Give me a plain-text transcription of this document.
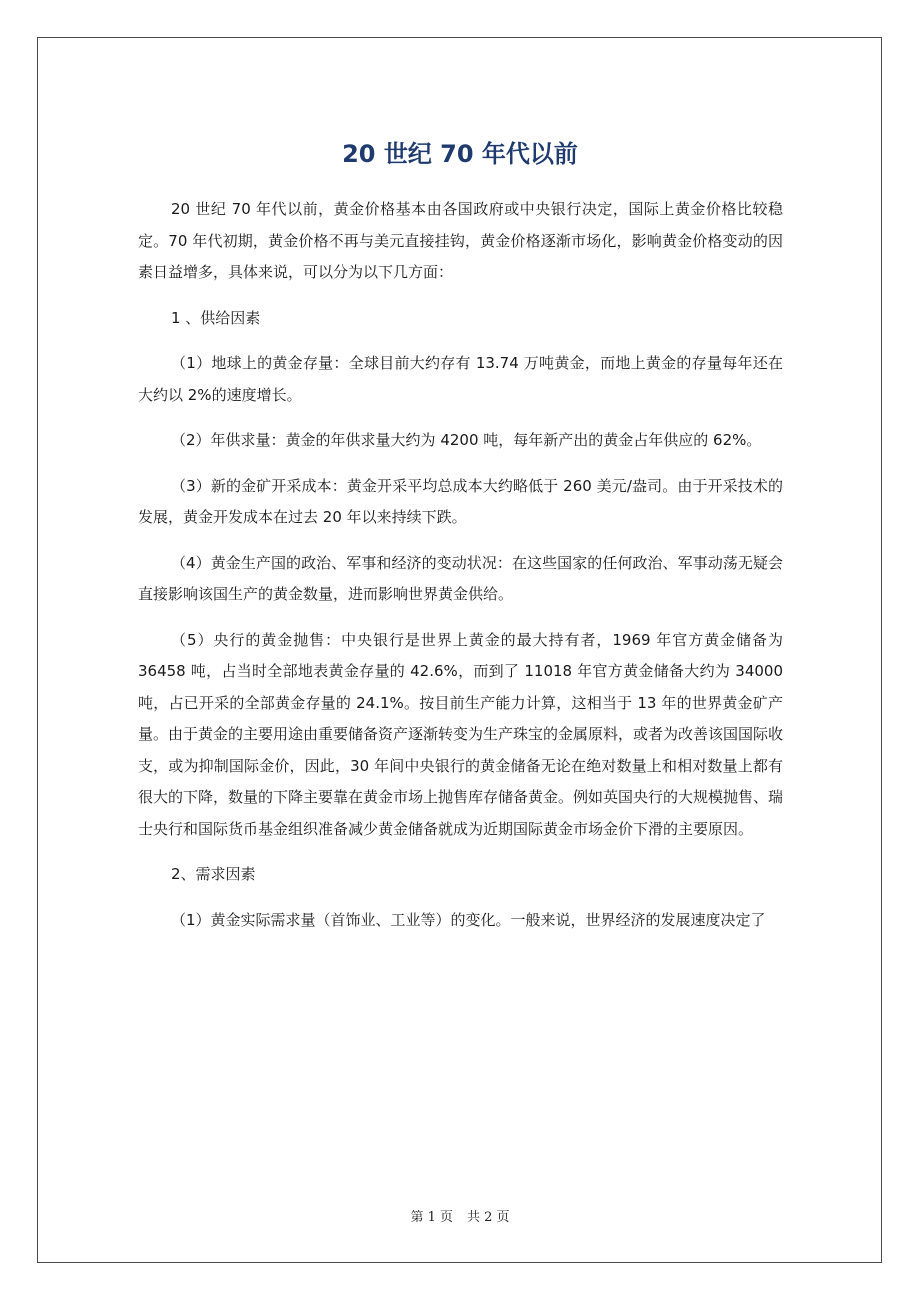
20 世纪 70 年代以前

20 世纪 70 年代以前，黄金价格基本由各国政府或中央银行决定，国际上黄金价格比较稳定。70 年代初期，黄金价格不再与美元直接挂钩，黄金价格逐渐市场化，影响黄金价格变动的因素日益增多，具体来说，可以分为以下几方面：

1 、供给因素

（1）地球上的黄金存量：全球目前大约存有 13.74 万吨黄金，而地上黄金的存量每年还在大约以 2%的速度增长。

（2）年供求量：黄金的年供求量大约为 4200 吨，每年新产出的黄金占年供应的 62%。

（3）新的金矿开采成本：黄金开采平均总成本大约略低于 260 美元/盎司。由于开采技术的发展，黄金开发成本在过去 20 年以来持续下跌。

（4）黄金生产国的政治、军事和经济的变动状况：在这些国家的任何政治、军事动荡无疑会直接影响该国生产的黄金数量，进而影响世界黄金供给。

（5）央行的黄金抛售：中央银行是世界上黄金的最大持有者，1969 年官方黄金储备为 36458 吨，占当时全部地表黄金存量的 42.6%，而到了 11018 年官方黄金储备大约为 34000 吨，占已开采的全部黄金存量的 24.1%。按目前生产能力计算，这相当于 13 年的世界黄金矿产量。由于黄金的主要用途由重要储备资产逐渐转变为生产珠宝的金属原料，或者为改善该国国际收支，或为抑制国际金价，因此，30 年间中央银行的黄金储备无论在绝对数量上和相对数量上都有很大的下降，数量的下降主要靠在黄金市场上抛售库存储备黄金。例如英国央行的大规模抛售、瑞士央行和国际货币基金组织准备减少黄金储备就成为近期国际黄金市场金价下滑的主要原因。

2、需求因素

（1）黄金实际需求量（首饰业、工业等）的变化。一般来说，世界经济的发展速度决定了

第 1 页 共 2 页
